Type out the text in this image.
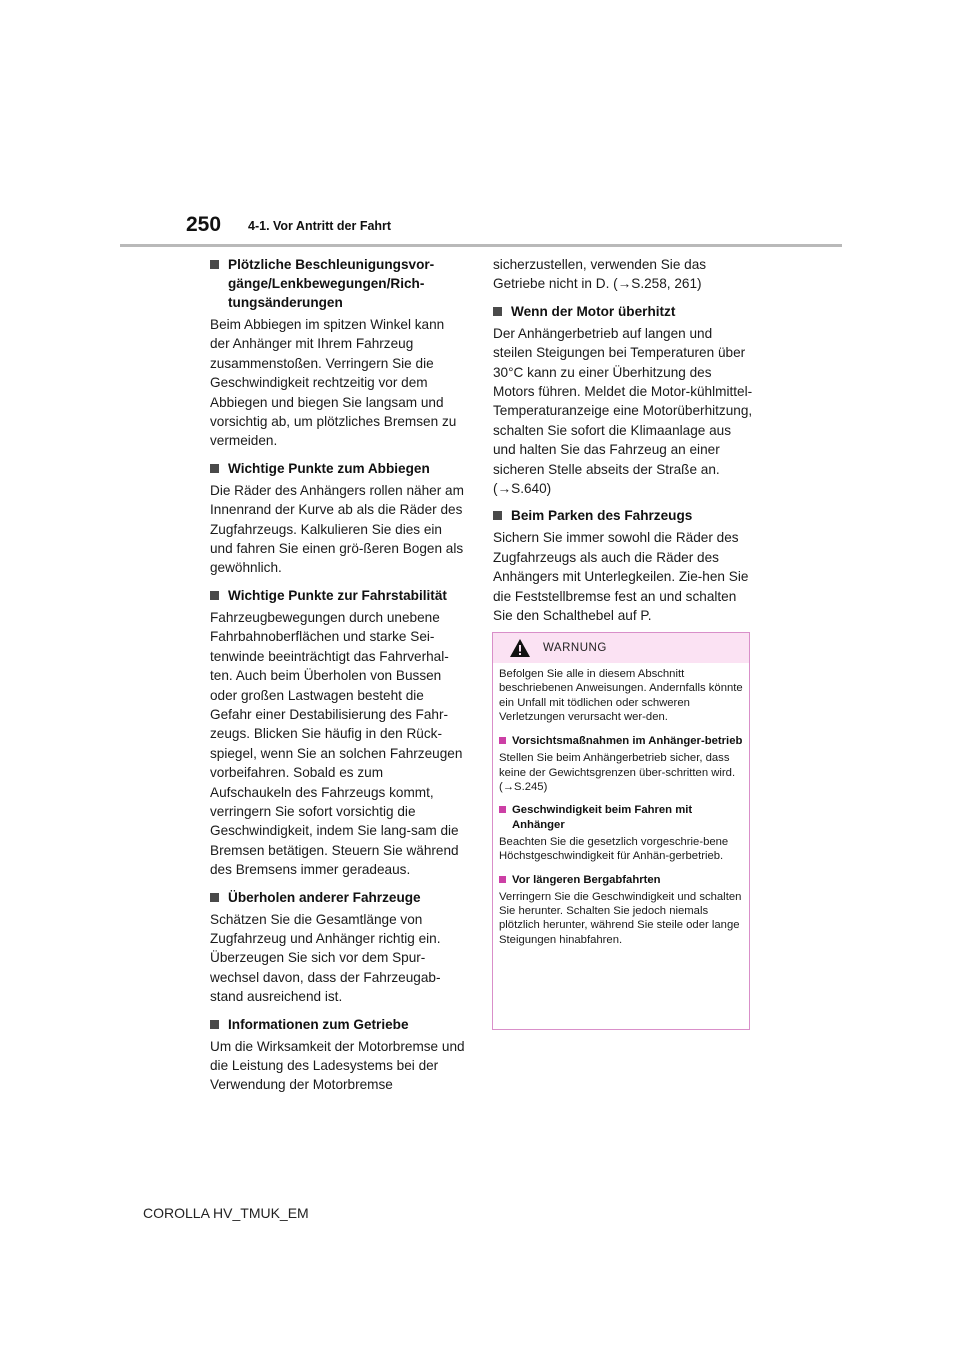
250 4-1. Vor Antritt der Fahrt
Plötzliche Beschleunigungsvor-gänge/Lenkbewegungen/Rich-tungsänderungen

Beim Abbiegen im spitzen Winkel kann der Anhänger mit Ihrem Fahrzeug zusammenstoßen. Verringern Sie die Geschwindigkeit rechtzeitig vor dem Abbiegen und biegen Sie langsam und vorsichtig ab, um plötzliches Bremsen zu vermeiden.

Wichtige Punkte zum Abbiegen

Die Räder des Anhängers rollen näher am Innenrand der Kurve ab als die Räder des Zugfahrzeugs. Kalkulieren Sie dies ein und fahren Sie einen grö-ßeren Bogen als gewöhnlich.

Wichtige Punkte zur Fahrstabilität

Fahrzeugbewegungen durch unebene Fahrbahnoberflächen und starke Sei-tenwinde beeinträchtigt das Fahrverhal-ten. Auch beim Überholen von Bussen oder großen Lastwagen besteht die Gefahr einer Destabilisierung des Fahr-zeugs. Blicken Sie häufig in den Rück-spiegel, wenn Sie an solchen Fahrzeugen vorbeifahren. Sobald es zum Aufschaukeln des Fahrzeugs kommt, verringern Sie sofort vorsichtig die Geschwindigkeit, indem Sie lang-sam die Bremsen betätigen. Steuern Sie während des Bremsens immer geradeaus.

Überholen anderer Fahrzeuge

Schätzen Sie die Gesamtlänge von Zugfahrzeug und Anhänger richtig ein. Überzeugen Sie sich vor dem Spur-wechsel davon, dass der Fahrzeugab-stand ausreichend ist.

Informationen zum Getriebe

Um die Wirksamkeit der Motorbremse und die Leistung des Ladesystems bei der Verwendung der Motorbremse

sicherzustellen, verwenden Sie das Getriebe nicht in D. (→S.258, 261)

Wenn der Motor überhitzt

Der Anhängerbetrieb auf langen und steilen Steigungen bei Temperaturen über 30°C kann zu einer Überhitzung des Motors führen. Meldet die Motor-kühlmittel-Temperaturanzeige eine Motorüberhitzung, schalten Sie sofort die Klimaanlage aus und halten Sie das Fahrzeug an einer sicheren Stelle abseits der Straße an. (→S.640)

Beim Parken des Fahrzeugs

Sichern Sie immer sowohl die Räder des Zugfahrzeugs als auch die Räder des Anhängers mit Unterlegkeilen. Zie-hen Sie die Feststellbremse fest an und schalten Sie den Schalthebel auf P.

WARNUNG

Befolgen Sie alle in diesem Abschnitt beschriebenen Anweisungen. Andernfalls könnte ein Unfall mit tödlichen oder schweren Verletzungen verursacht wer-den.

Vorsichtsmaßnahmen im Anhänger-betrieb

Stellen Sie beim Anhängerbetrieb sicher, dass keine der Gewichtsgrenzen über-schritten wird. (→S.245)

Geschwindigkeit beim Fahren mit Anhänger

Beachten Sie die gesetzlich vorgeschrie-bene Höchstgeschwindigkeit für Anhän-gerbetrieb.

Vor längeren Bergabfahrten

Verringern Sie die Geschwindigkeit und schalten Sie herunter. Schalten Sie jedoch niemals plötzlich herunter, während Sie steile oder lange Steigungen hinabfahren.

COROLLA HV_TMUK_EM
